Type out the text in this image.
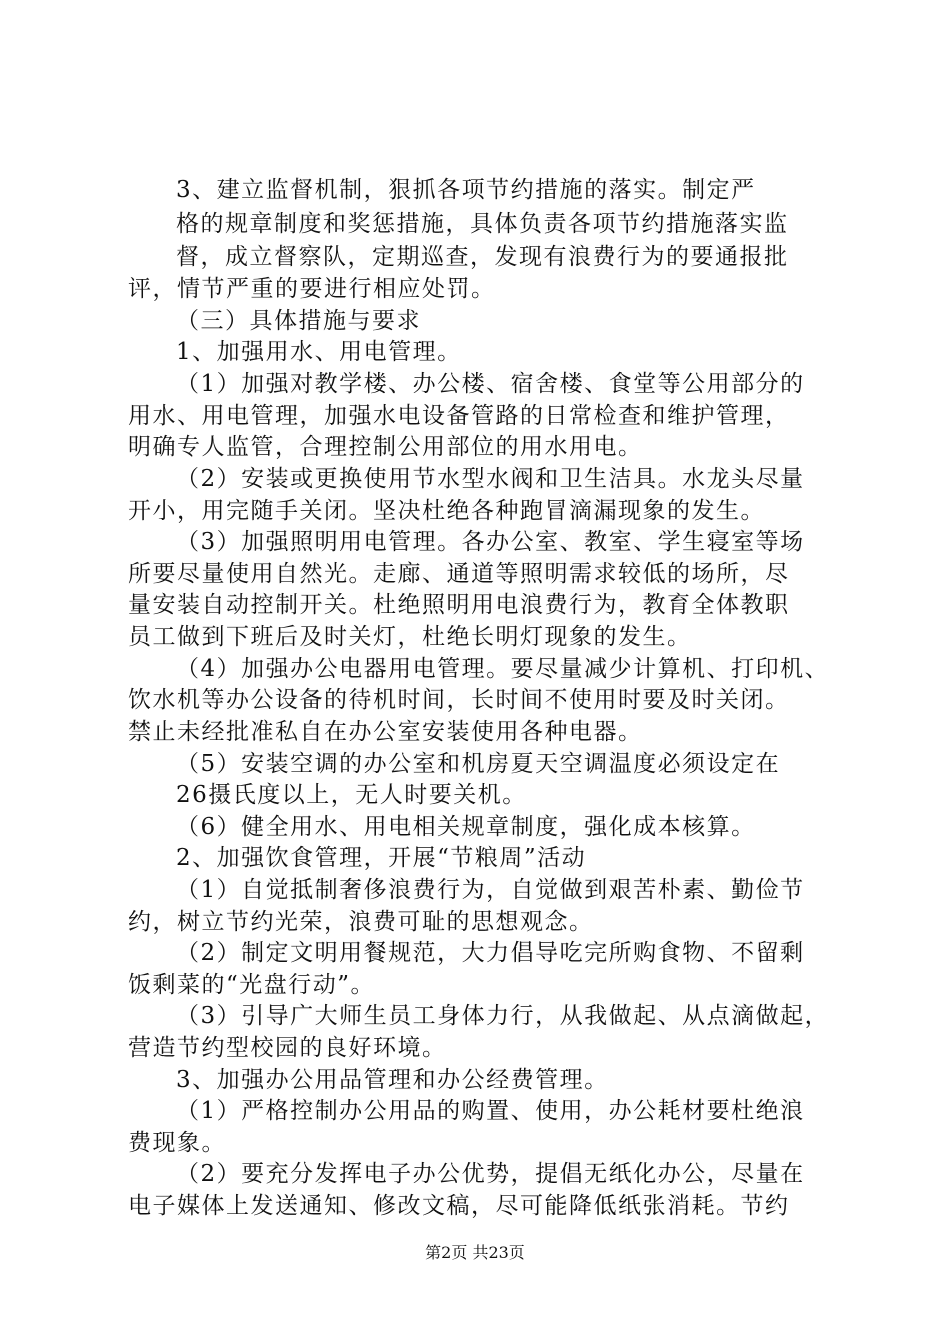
3、建立监督机制，狠抓各项节约措施的落实。制定严
格的规章制度和奖惩措施，具体负责各项节约措施落实监
督，成立督察队，定期巡查，发现有浪费行为的要通报批
评，情节严重的要进行相应处罚。
（三）具体措施与要求
1、加强用水、用电管理。
（1）加强对教学楼、办公楼、宿舍楼、食堂等公用部分的
用水、用电管理，加强水电设备管路的日常检查和维护管理，
明确专人监管，合理控制公用部位的用水用电。
（2）安装或更换使用节水型水阀和卫生洁具。水龙头尽量
开小，用完随手关闭。坚决杜绝各种跑冒滴漏现象的发生。
（3）加强照明用电管理。各办公室、教室、学生寝室等场
所要尽量使用自然光。走廊、通道等照明需求较低的场所，尽
量安装自动控制开关。杜绝照明用电浪费行为，教育全体教职
员工做到下班后及时关灯，杜绝长明灯现象的发生。
（4）加强办公电器用电管理。要尽量减少计算机、打印机、
饮水机等办公设备的待机时间，长时间不使用时要及时关闭。
禁止未经批准私自在办公室安装使用各种电器。
（5）安装空调的办公室和机房夏天空调温度必须设定在
26摄氏度以上，无人时要关机。
（6）健全用水、用电相关规章制度，强化成本核算。
2、加强饮食管理，开展“节粮周”活动
（1）自觉抵制奢侈浪费行为，自觉做到艰苦朴素、勤俭节
约，树立节约光荣，浪费可耻的思想观念。
（2）制定文明用餐规范，大力倡导吃完所购食物、不留剩
饭剩菜的“光盘行动”。
（3）引导广大师生员工身体力行，从我做起、从点滴做起，
营造节约型校园的良好环境。
3、加强办公用品管理和办公经费管理。
（1）严格控制办公用品的购置、使用，办公耗材要杜绝浪
费现象。
（2）要充分发挥电子办公优势，提倡无纸化办公，尽量在
电子媒体上发送通知、修改文稿，尽可能降低纸张消耗。节约
第2页 共23页
